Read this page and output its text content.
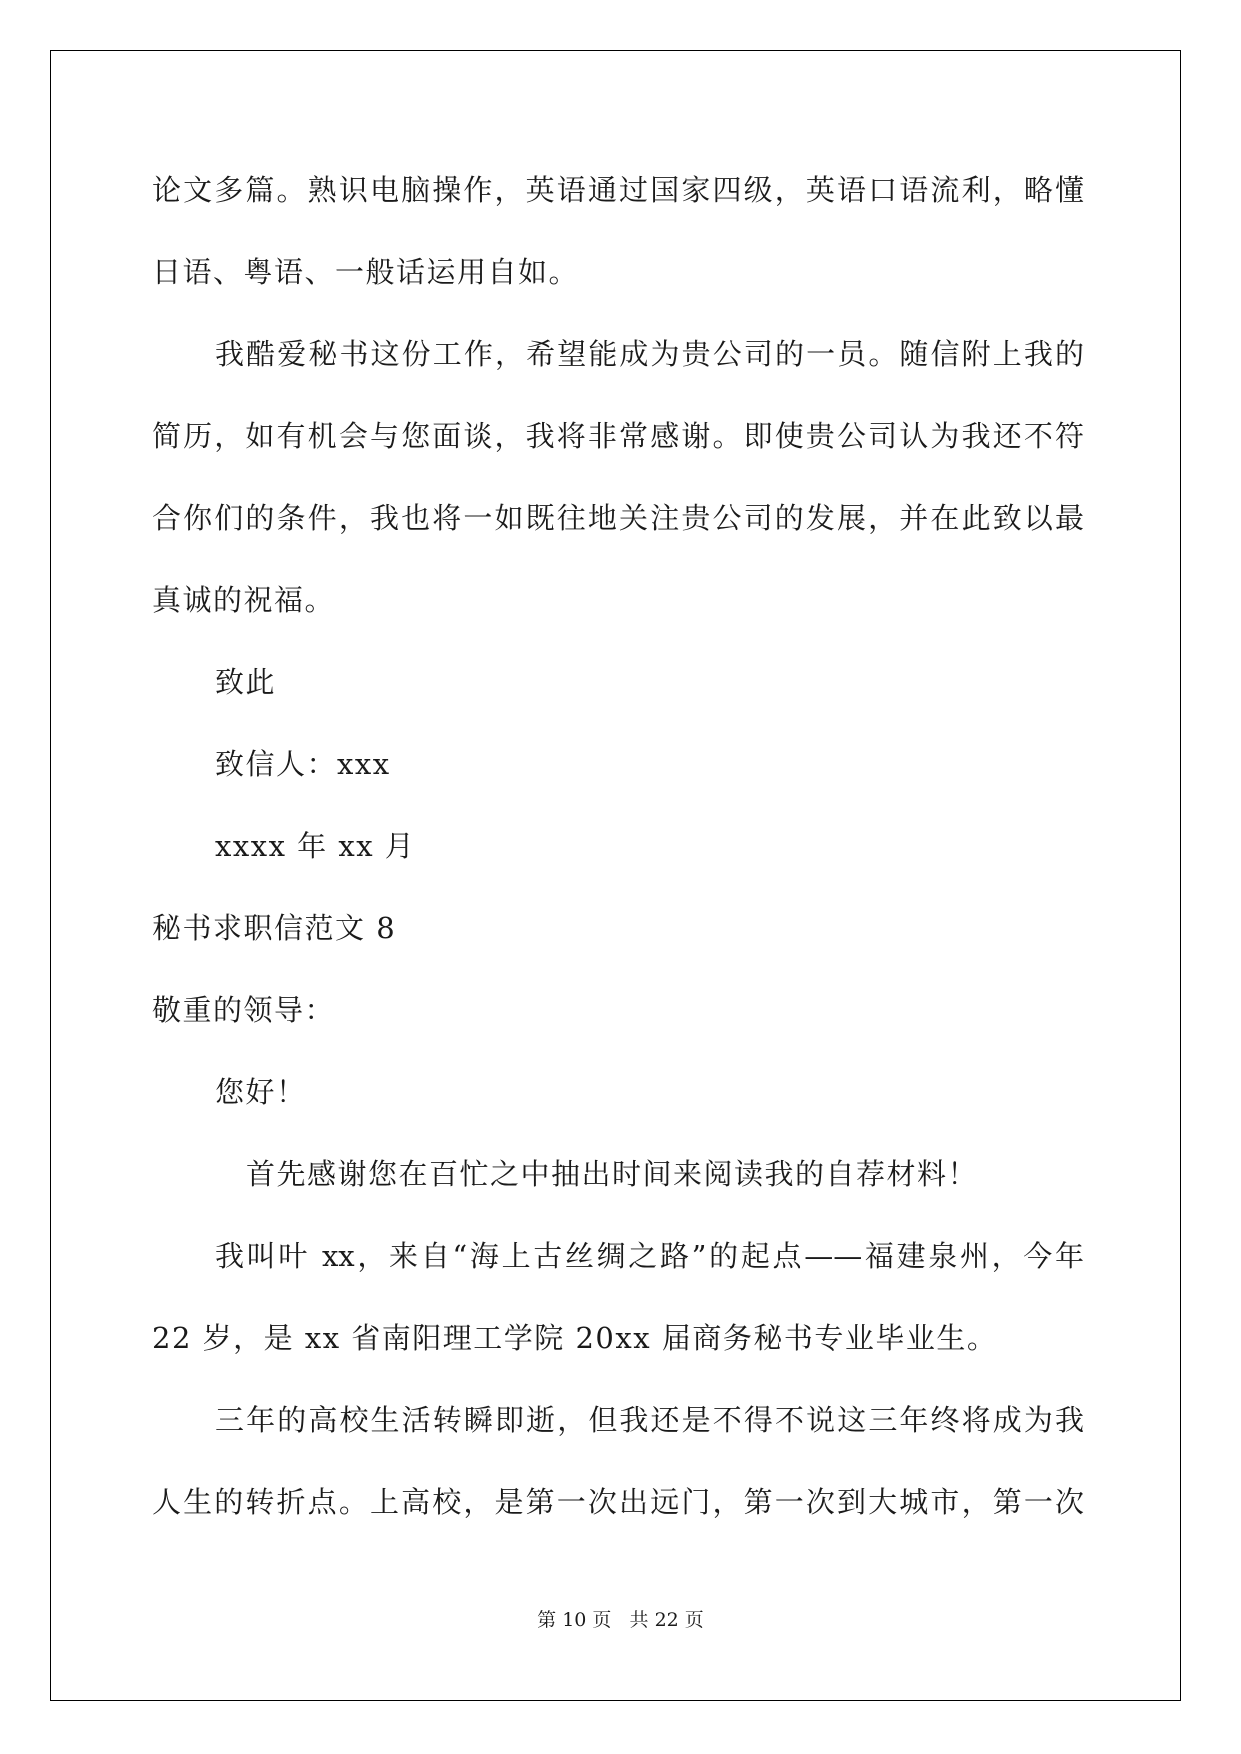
论文多篇。熟识电脑操作，英语通过国家四级，英语口语流利，略懂
日语、粤语、一般话运用自如。
我酷爱秘书这份工作，希望能成为贵公司的一员。随信附上我的
简历，如有机会与您面谈，我将非常感谢。即使贵公司认为我还不符
合你们的条件，我也将一如既往地关注贵公司的发展，并在此致以最
真诚的祝福。
致此
致信人：xxx
xxxx 年 xx 月
秘书求职信范文 8
敬重的领导：
您好！
首先感谢您在百忙之中抽出时间来阅读我的自荐材料！
我叫叶 xx，来自“海上古丝绸之路”的起点——福建泉州，今年
22 岁，是 xx 省南阳理工学院 20xx 届商务秘书专业毕业生。
三年的高校生活转瞬即逝，但我还是不得不说这三年终将成为我
人生的转折点。上高校，是第一次出远门，第一次到大城市，第一次
第 10 页   共 22 页
